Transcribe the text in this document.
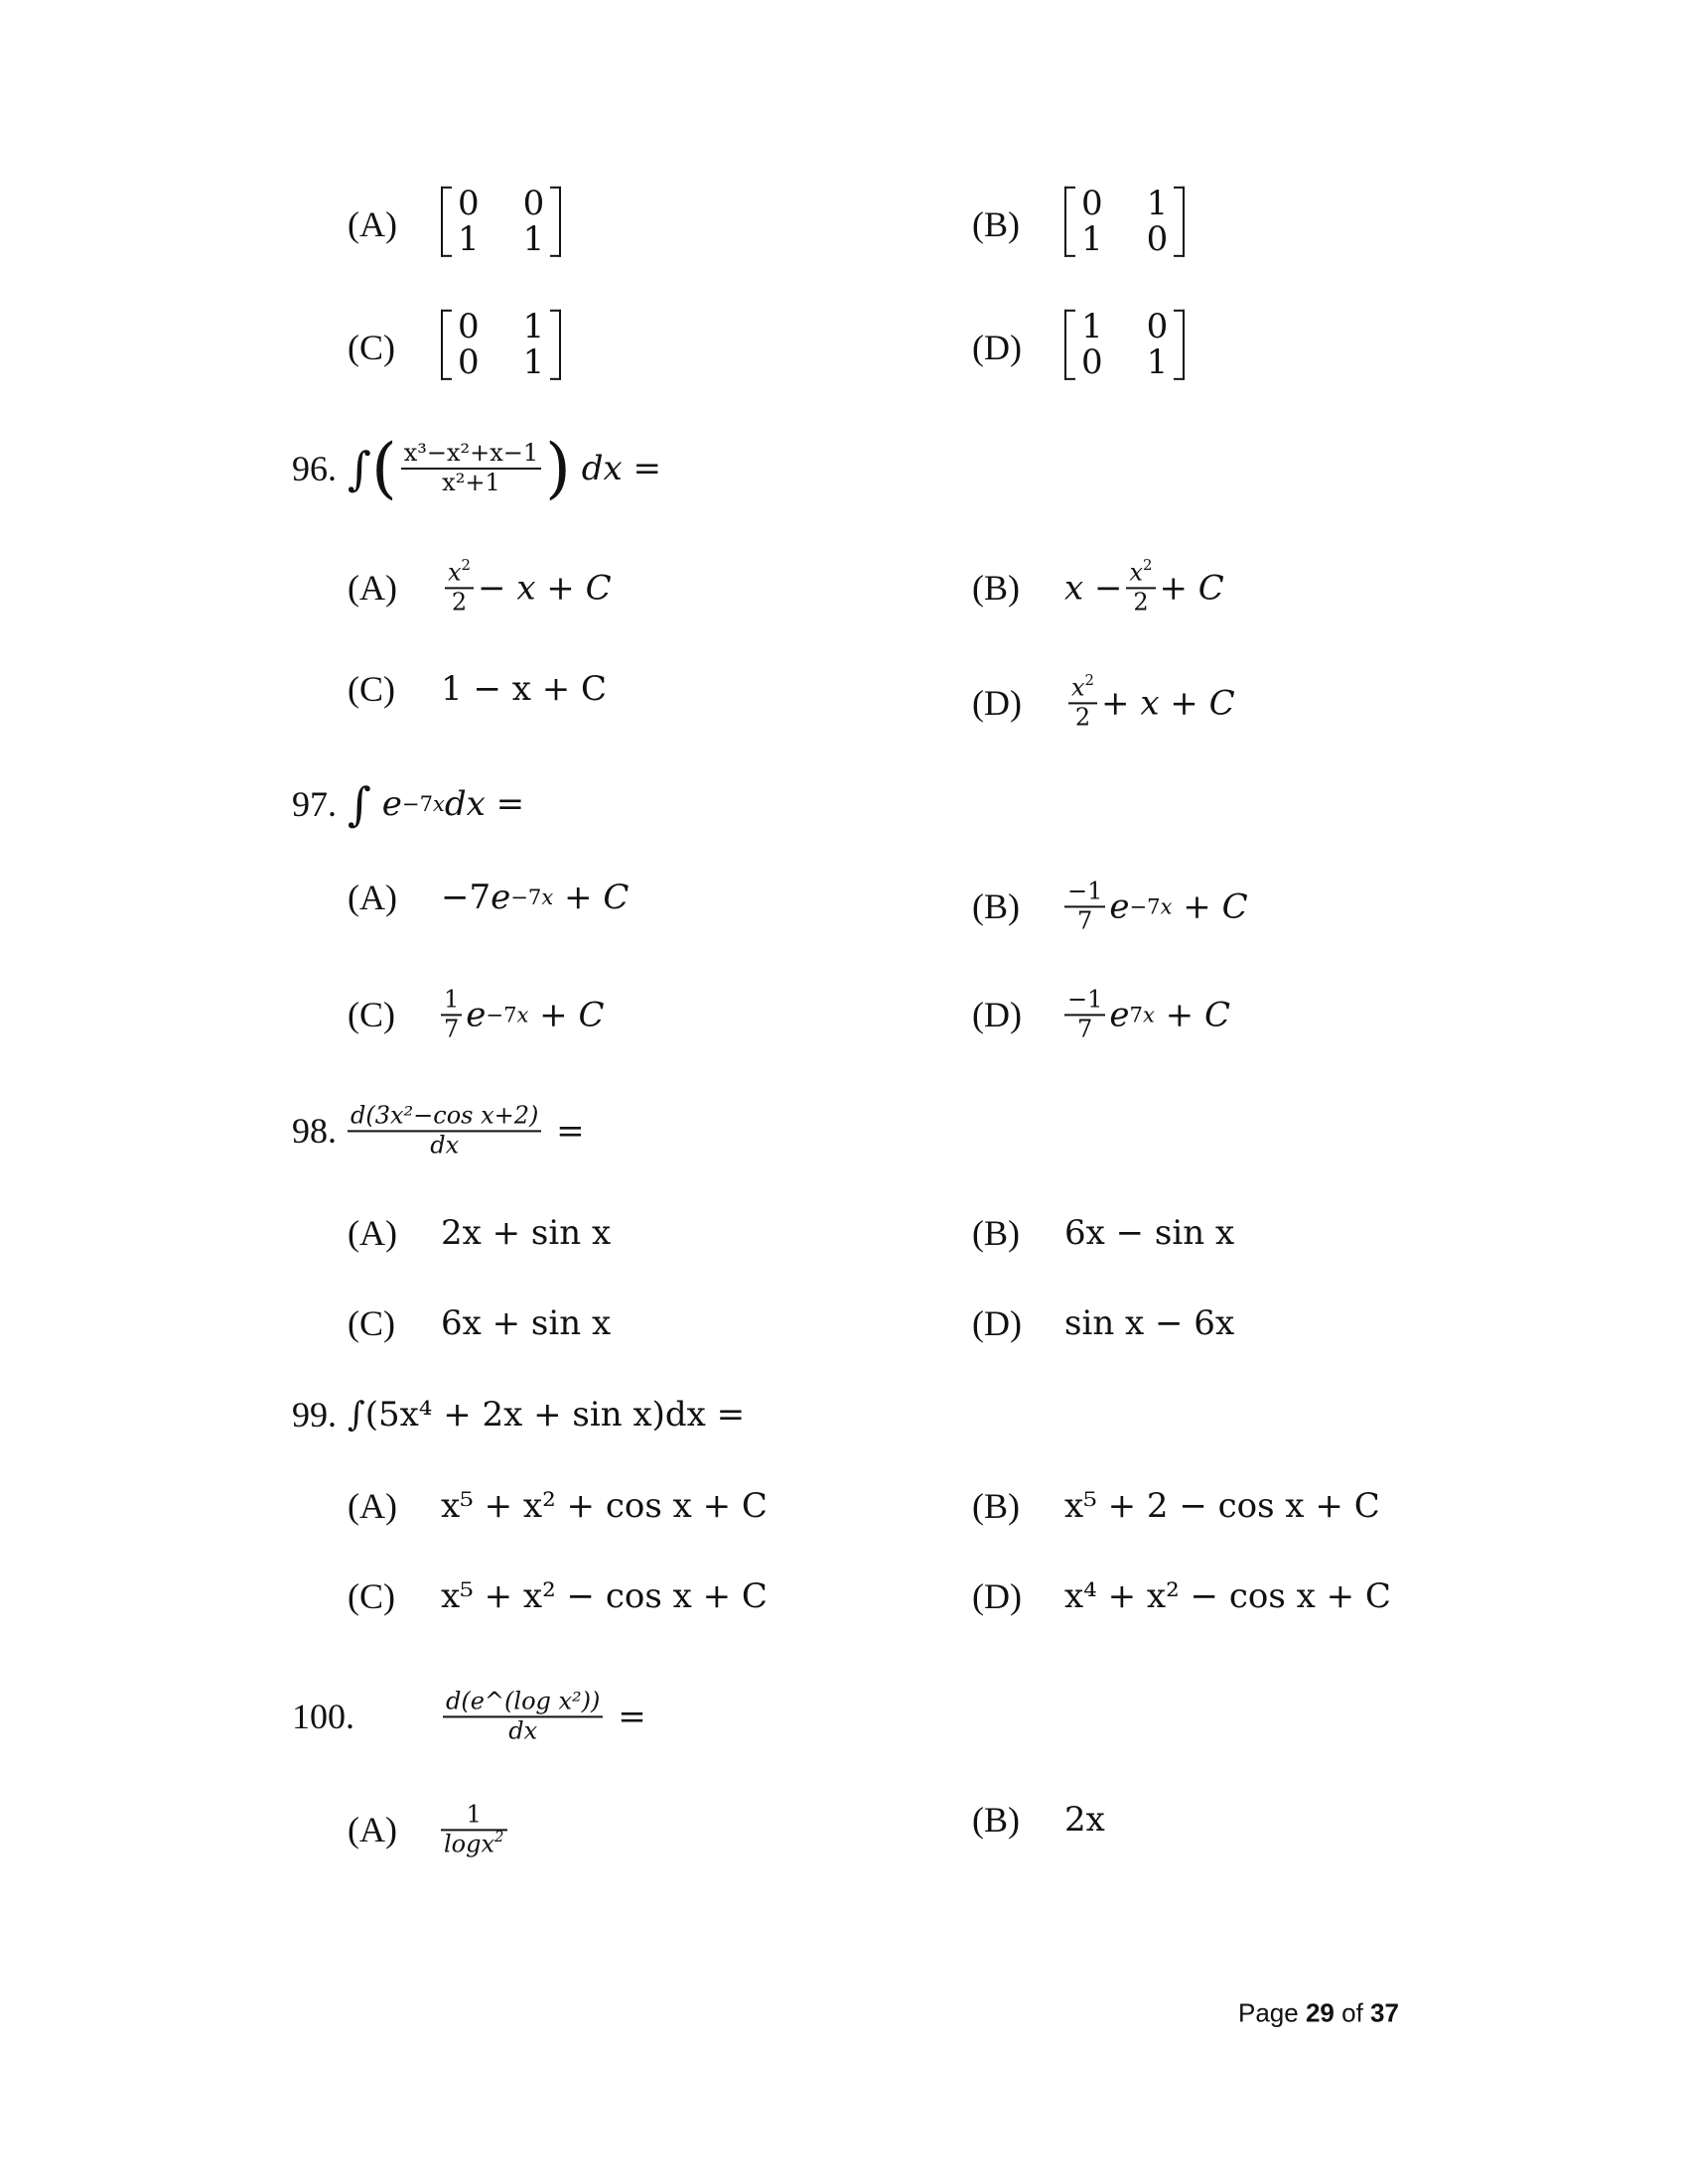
(A)
0 0
1 1	(B)
0 1
1 0
(C)
0 1
0 1	(D)
1 0
0 1
96. ∫ ( $\frac{\text{x³−x²+x−1}}{\text{x²+1}}$ )
dx =
$(A) \frac{x^2}{2} - x + C$	(B) $x - \frac{x^2}{2} + C$
(C) 1 − x + C	$(D) \frac{x^2}{2} + x + C$
97. ∫
e −7x dx =
(A) −7 e −7x + C	$(B) \frac{-1}{7}$ e −7x + C
$(C) \frac{1}{7}$ e −7x + C	$(D) \frac{-1}{7}$ e 7x + C
98. $\frac{\text{d(3x²−cos x+2)}}{dx}$ =
(A) 2x + sin x	(B) 6x − sin x
(C) 6x + sin x	(D) sin x − 6x
99. ∫(5x⁴ + 2x + sin x)dx =
(A) x⁵ + x² + cos x + C	(B) x⁵ + 2 − cos x + C
(C) x⁵ + x² − cos x + C	(D) x⁴ + x² − cos x + C
100.	$\frac{\text{d(e\textasciicircum{}(log x²))}}{dx}$ =
$(A) \frac{1}{\log x^2}$	(B) 2x
Page 29 of 37
